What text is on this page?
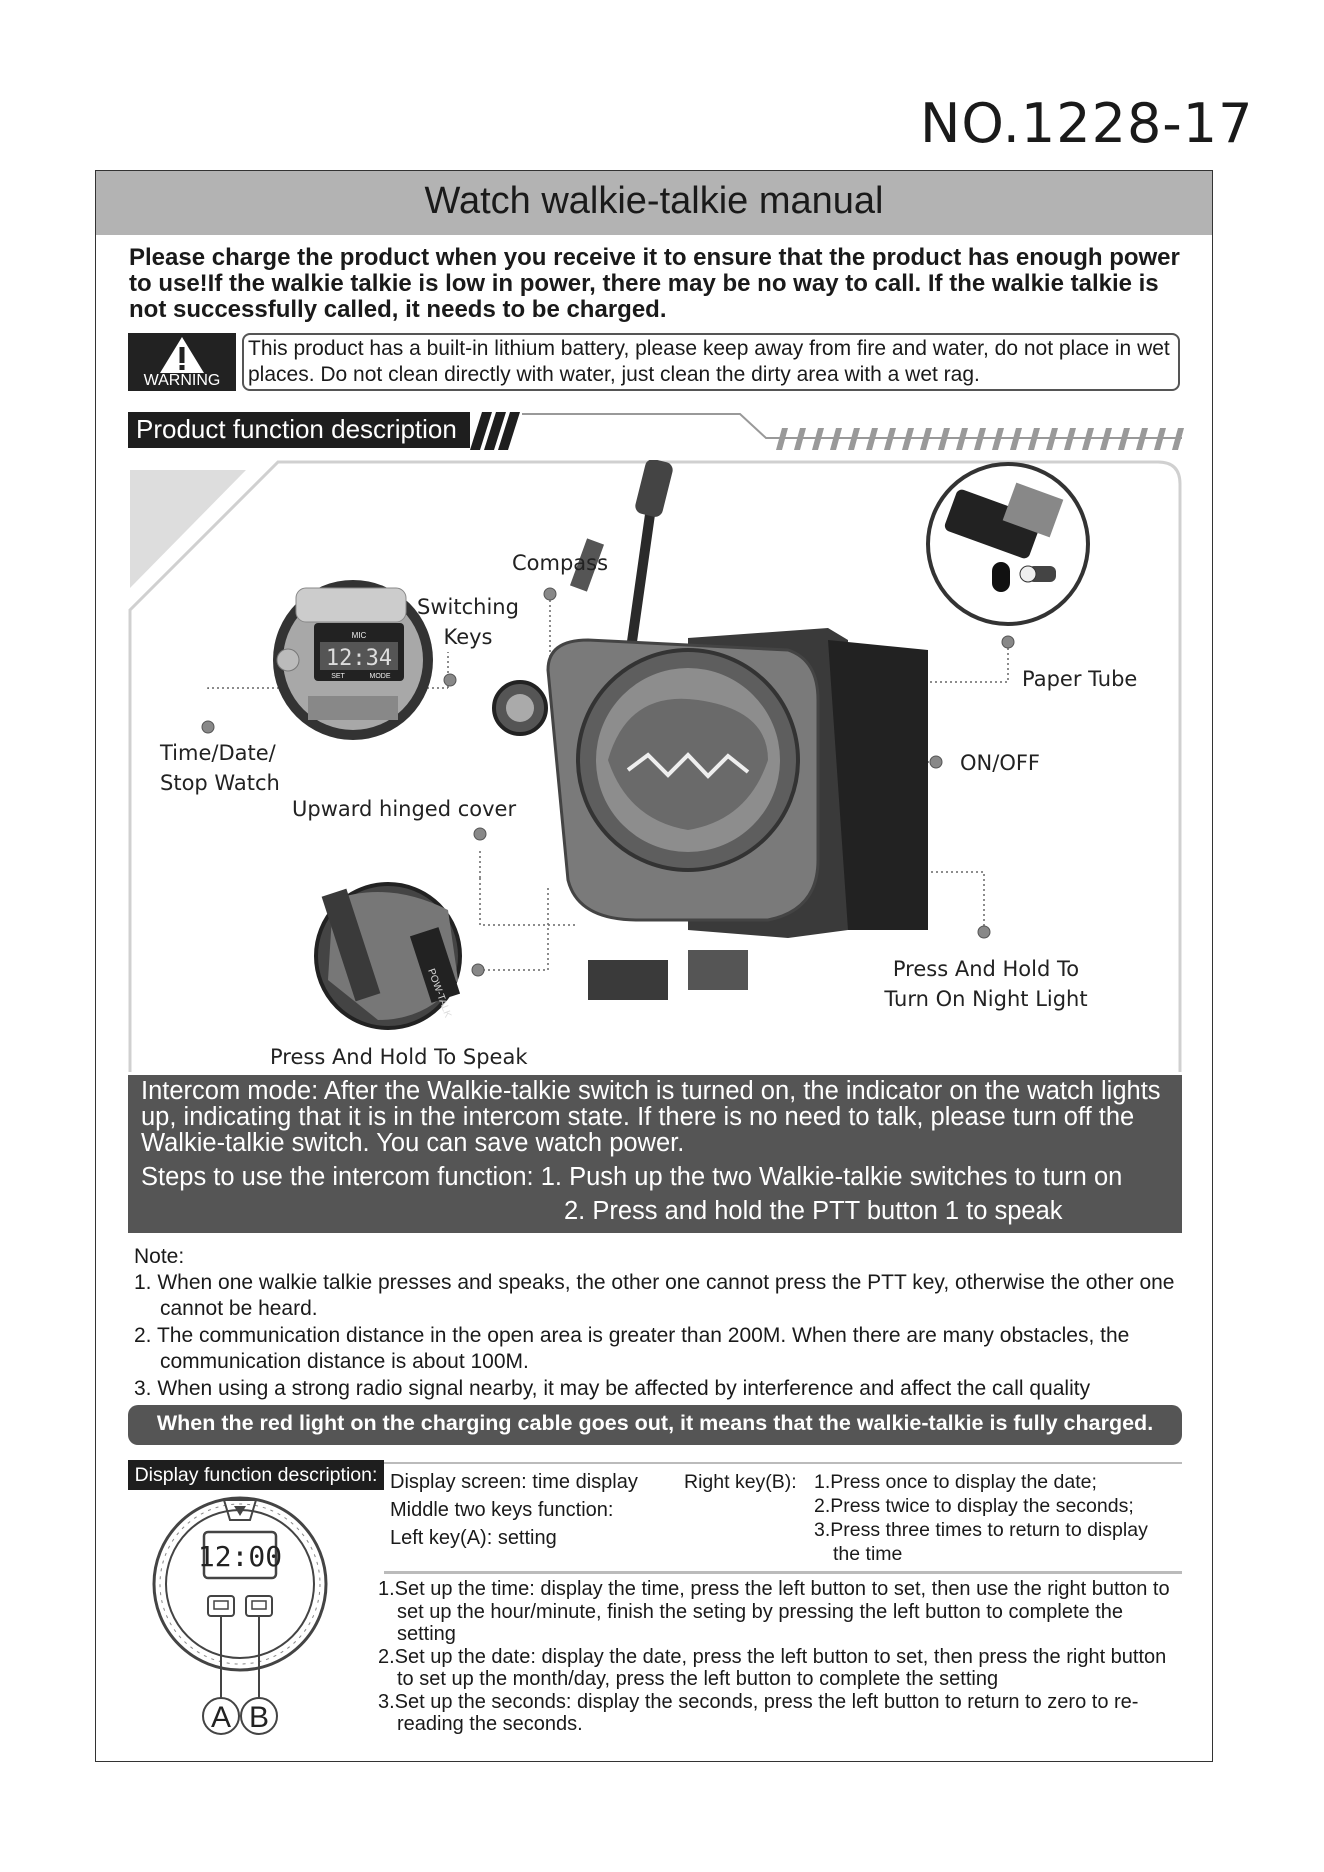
NO.1228-17
Watch walkie-talkie manual
Please charge the product when you receive it to ensure that the product has enough power to use!If the walkie talkie is low in power, there may be no way to call. If the walkie talkie is not successfully called, it needs to be charged.
WARNING
This product has a built-in lithium battery, please keep away from fire and water, do not place in wet places. Do not clean directly with water, just clean the dirty area with a wet rag.
Product function description
MIC
12:34
SET	MODE
POW-TALK
Compass
Switching
Keys
Time/Date/
Stop Watch
Upward hinged cover
Paper Tube
ON/OFF
Press And Hold To
Turn On Night Light
Press And Hold To Speak
Intercom mode: After the Walkie-talkie switch is turned on, the indicator on the watch lights up, indicating that it is in the intercom state. If there is no need to talk, please turn off the Walkie-talkie switch. You can save watch power.
Steps to use the intercom function: 1. Push up the two Walkie-talkie switches to turn on
2. Press and hold the PTT button 1 to speak
Note:
1. When one walkie talkie presses and speaks, the other one cannot press the PTT key, otherwise the other one cannot be heard.
2. The communication distance in the open area is greater than 200M. When there are many obstacles, the communication distance is about 100M.
3. When using a strong radio signal nearby, it may be affected by interference and affect the call quality
When the red light on the charging cable goes out, it means that the walkie-talkie is fully charged.
Display function description:
12:00
A B
Display screen: time display
Middle two keys function:
Left key(A): setting
Right key(B): 1.Press once to display the date;
2.Press twice to display the seconds;
3.Press three times to return to display
the time
1.Set up the time: display the time, press the left button to set, then use the right button to set up the hour/minute, finish the seting by pressing the left button to complete the setting
2.Set up the date: display the date, press the left button to set, then press the right button to set up the month/day, press the left button to complete the setting
3.Set up the seconds: display the seconds, press the left button to return to zero to re-reading the seconds.
